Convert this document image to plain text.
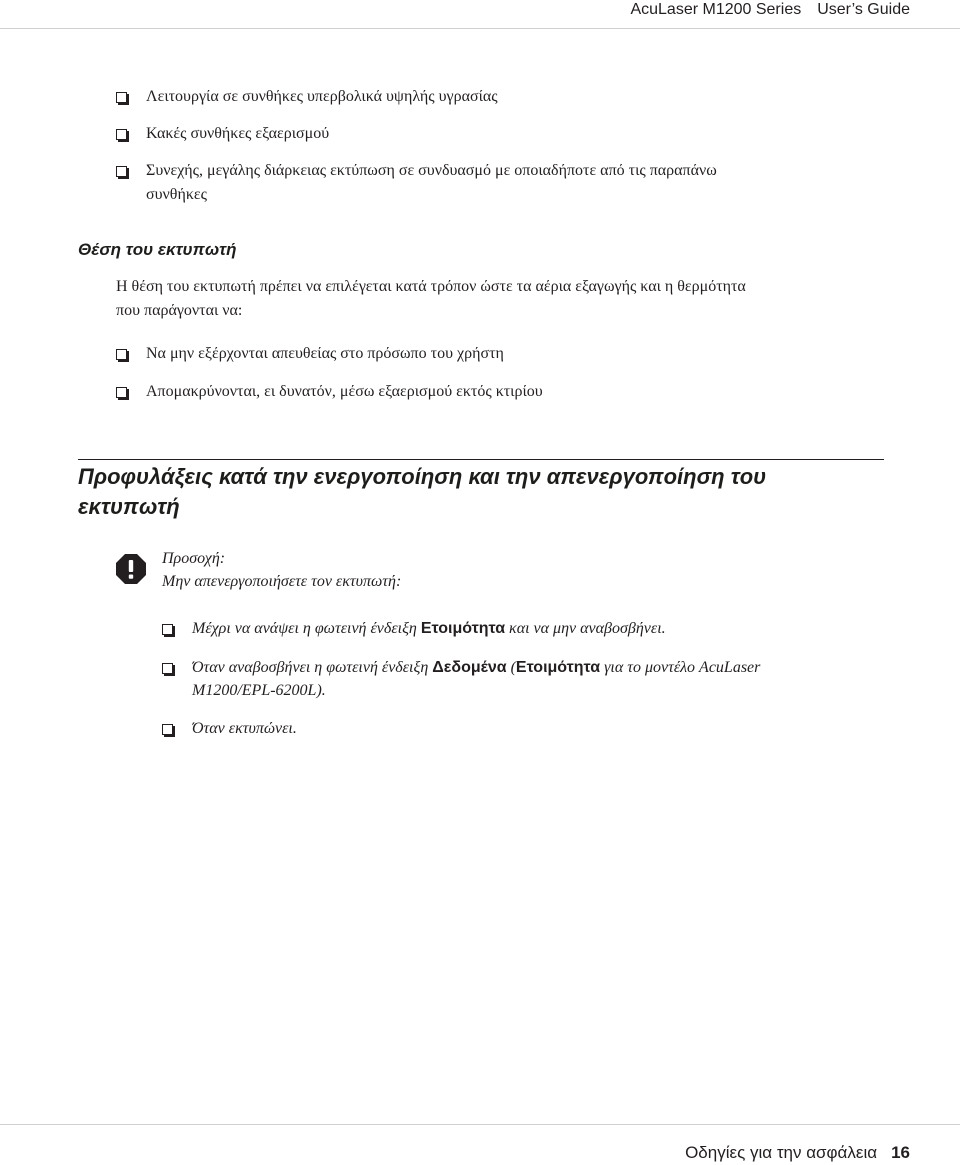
AcuLaser M1200 Series User’s Guide
Λειτουργία σε συνθήκες υπερβολικά υψηλής υγρασίας
Κακές συνθήκες εξαερισμού
Συνεχής, μεγάλης διάρκειας εκτύπωση σε συνδυασμό με οποιαδήποτε από τις παραπάνω
συνθήκες
Θέση του εκτυπωτή
Η θέση του εκτυπωτή πρέπει να επιλέγεται κατά τρόπον ώστε τα αέρια εξαγωγής και η θερμότητα
που παράγονται να:
Να μην εξέρχονται απευθείας στο πρόσωπο του χρήστη
Απομακρύνονται, ει δυνατόν, μέσω εξαερισμού εκτός κτιρίου
Προφυλάξεις κατά την ενεργοποίηση και την απενεργοποίηση του
εκτυπωτή
Προσοχή:
Μην απενεργοποιήσετε τον εκτυπωτή:
Μέχρι να ανάψει η φωτεινή ένδειξη Ετοιμότητα και να μην αναβοσβήνει.
Όταν αναβοσβήνει η φωτεινή ένδειξη Δεδομένα (Ετοιμότητα για το μοντέλο AcuLaser
M1200/EPL-6200L).
Όταν εκτυπώνει.
Οδηγίες για την ασφάλεια 16
